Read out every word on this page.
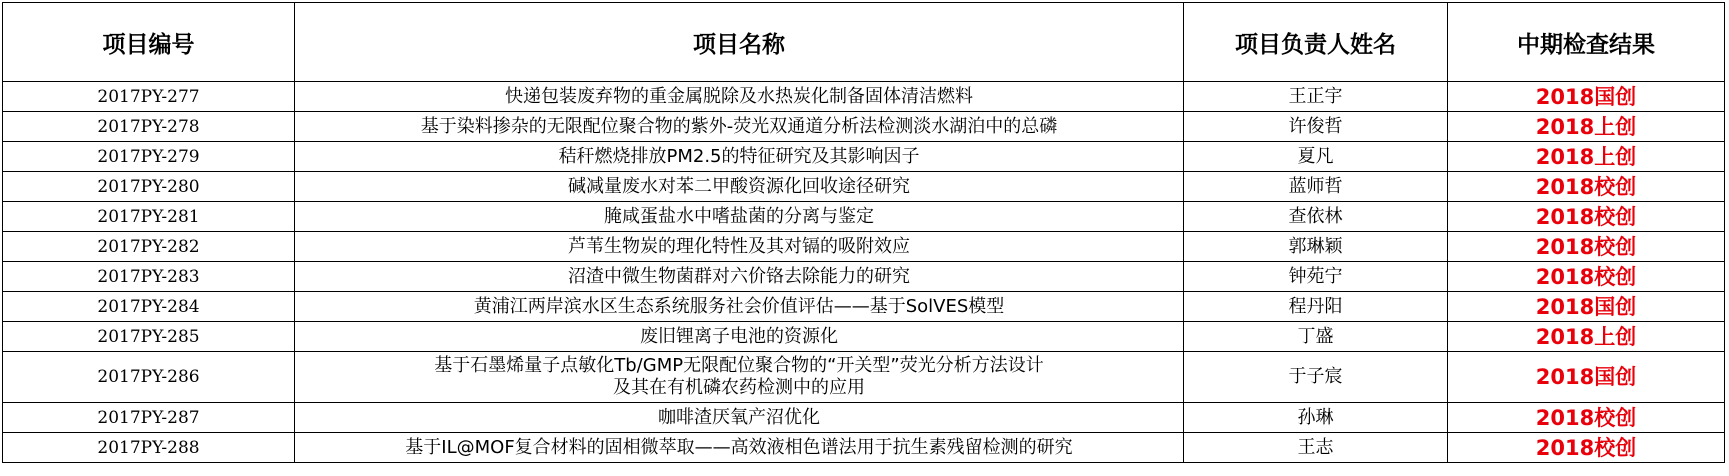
项目编号	项目名称	项目负责人姓名	中期检查结果
2017PY-277	快递包装废弃物的重金属脱除及水热炭化制备固体清洁燃料	王正宇	2018国创
2017PY-278	基于染料掺杂的无限配位聚合物的紫外-荧光双通道分析法检测淡水湖泊中的总磷	许俊哲	2018上创
2017PY-279	秸秆燃烧排放PM2.5的特征研究及其影响因子	夏凡	2018上创
2017PY-280	碱减量废水对苯二甲酸资源化回收途径研究	蓝师哲	2018校创
2017PY-281	腌咸蛋盐水中嗜盐菌的分离与鉴定	查依林	2018校创
2017PY-282	芦苇生物炭的理化特性及其对镉的吸附效应	郭琳颖	2018校创
2017PY-283	沼渣中微生物菌群对六价铬去除能力的研究	钟苑宁	2018校创
2017PY-284	黄浦江两岸滨水区生态系统服务社会价值评估——基于SolVES模型	程丹阳	2018国创
2017PY-285	废旧锂离子电池的资源化	丁盛	2018上创
2017PY-286	基于石墨烯量子点敏化Tb/GMP无限配位聚合物的“开关型”荧光分析方法设计
及其在有机磷农药检测中的应用	于子宸	2018国创
2017PY-287	咖啡渣厌氧产沼优化	孙琳	2018校创
2017PY-288	基于IL@MOF复合材料的固相微萃取——高效液相色谱法用于抗生素残留检测的研究	王志	2018校创
